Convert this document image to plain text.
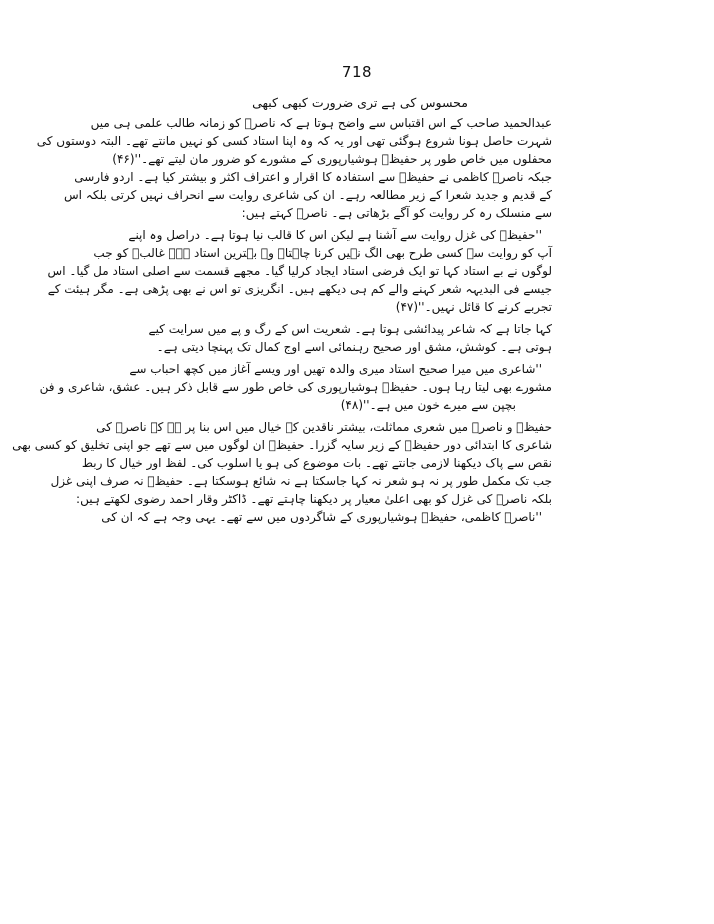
718
محسوس کی ہے تری ضرورت کبھی کبھی
عبدالحمید صاحب کے اس اقتباس سے واضح ہوتا ہے کہ ناصرؔ کو زمانہ طالب علمی ہی میں
شہرت حاصل ہونا شروع ہوگئی تھی اور یہ کہ وہ اپنا استاد کسی کو نہیں مانتے تھے۔ البتہ دوستوں کی
محفلوں میں خاص طور پر حفیظؔ ہوشیارپوری کے مشورے کو ضرور مان لیتے تھے۔''(۴۶)
جبکہ ناصرؔ کاظمی نے حفیظؔ سے استفادہ کا اقرار و اعتراف اکثر و بیشتر کیا ہے۔ اردو فارسی
کے قدیم و جدید شعرا کے زیر مطالعہ رہے۔ ان کی شاعری روایت سے انحراف نہیں کرتی بلکہ اس
سے منسلک رہ کر روایت کو آگے بڑھاتی ہے۔ ناصرؔ کہتے ہیں:
''حفیظؔ کی غزل روایت سے آشنا ہے لیکن اس کا قالب نیا ہوتا ہے۔ دراصل وہ اپنے
آپ کو روایت سے کسی طرح بھی الگ نہیں کرنا چاہتا۔ وہ بہترین استاد ہے۔ غالبؔ کو جب
لوگوں نے بے استاد کہا تو ایک فرضی استاد ایجاد کرلیا گیا۔ مجھے قسمت سے اصلی استاد مل گیا۔ اس
جیسے فی البدیہہ شعر کہنے والے کم ہی دیکھے ہیں۔ انگریزی تو اس نے بھی پڑھی ہے۔ مگر ہیئت کے
تجربے کرنے کا قائل نہیں۔''(۴۷)
کہا جاتا ہے کہ شاعر پیدائشی ہوتا ہے۔ شعریت اس کے رگ و پے میں سرایت کیے
ہوتی ہے۔ کوشش، مشق اور صحیح رہنمائی اسے اوج کمال تک پہنچا دیتی ہے۔
''شاعری میں میرا صحیح استاد میری والدہ تھیں اور ویسے آغاز میں کچھ احباب سے
مشورے بھی لیتا رہا ہوں۔ حفیظؔ ہوشیارپوری کی خاص طور سے قابل ذکر ہیں۔ عشق، شاعری و فن
بچپن سے میرے خون میں ہے۔''(۴۸)
حفیظؔ و ناصرؔ میں شعری مماثلت، بیشتر ناقدین کے خیال میں اس بنا پر ہے کہ ناصرؔ کی
شاعری کا ابتدائی دور حفیظؔ کے زیر سایہ گزرا۔ حفیظؔ ان لوگوں میں سے تھے جو اپنی تخلیق کو کسی بھی
نقص سے پاک دیکھنا لازمی جانتے تھے۔ بات موضوع کی ہو یا اسلوب کی۔ لفظ اور خیال کا ربط
جب تک مکمل طور پر نہ ہو شعر نہ کہا جاسکتا ہے نہ شائع ہوسکتا ہے۔ حفیظؔ نہ صرف اپنی غزل
بلکہ ناصرؔ کی غزل کو بھی اعلیٰ معیار پر دیکھنا چاہتے تھے۔ ڈاکٹر وقار احمد رضوی لکھتے ہیں:
''ناصرؔ کاظمی، حفیظؔ ہوشیارپوری کے شاگردوں میں سے تھے۔ یہی وجہ ہے کہ ان کی
